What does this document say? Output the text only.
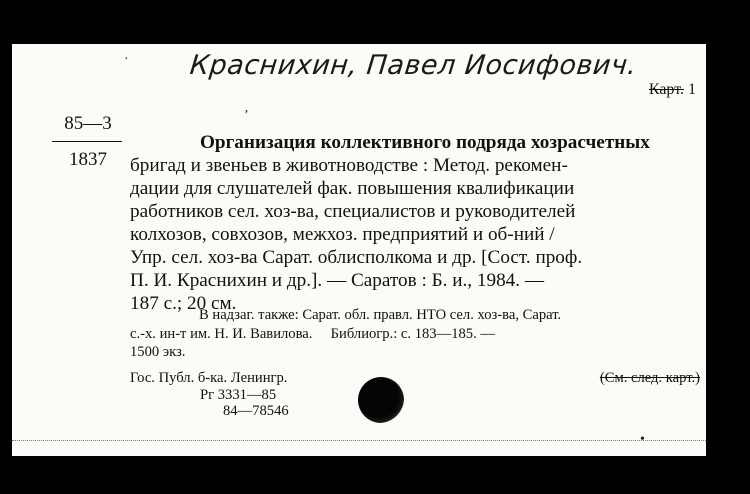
Краснихин, Павел Иосифович.
Карт. 1
85—3
1837
Организация коллективного подряда хозрасчетных
бригад и звеньев в животноводстве : Метод. рекомен-
дации для слушателей фак. повышения квалификации
работников сел. хоз-ва, специалистов и руководителей
колхозов, совхозов, межхоз. предприятий и об-ний /
Упр. сел. хоз-ва Сарат. облисполкома и др. [Сост. проф.
П. И. Краснихин и др.]. — Саратов : Б. и., 1984. —
187 с.; 20 см.
В надзаг. также: Сарат. обл. правл. НТО сел. хоз-ва, Сарат.
с.-х. ин-т им. Н. И. Вавилова.     Библиогр.: с. 183—185. —
1500 экз.
Гос. Публ. б-ка. Ленингр.
Рг 3331—85
84—78546
(См. след. карт.)
·
ʼ
•
